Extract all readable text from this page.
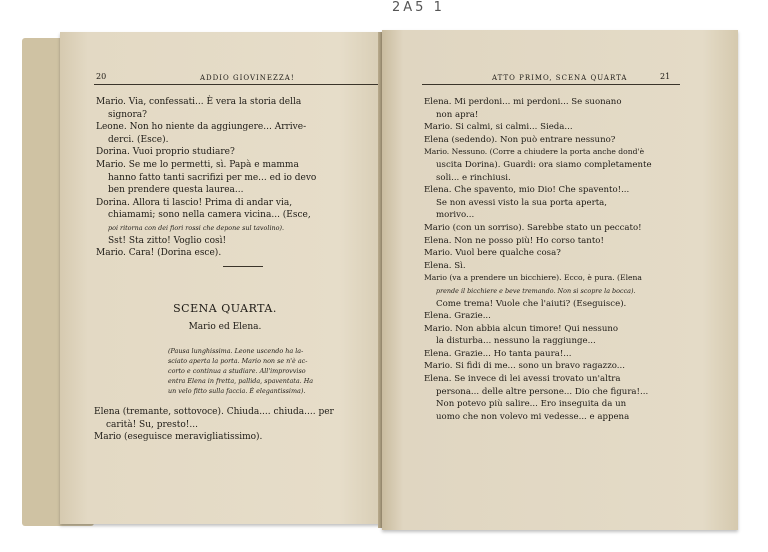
2A5 1
20	ADDIO GIOVINEZZA!
Mario. Via, confessati... È vera la storia della
signora?
Leone. Non ho niente da aggiungere... Arrive-
derci. (Esce).
Dorina. Vuoi proprio studiare?
Mario. Se me lo permetti, sì. Papà e mamma
hanno fatto tanti sacrifizi per me... ed io devo
ben prendere questa laurea...
Dorina. Allora ti lascio! Prima di andar via,
chiamami; sono nella camera vicina... (Esce,
poi ritorna con dei fiori rossi che depone sul tavolino).
Sst! Sta zitto! Voglio così!
Mario. Cara! (Dorina esce).
SCENA QUARTA.
Mario ed Elena.
(Pausa lunghissima. Leone uscendo ha la-
sciato aperta la porta. Mario non se n'è ac-
corto e continua a studiare. All'improvviso
entra Elena in fretta, pallida, spaventata. Ha
un velo fitto sulla faccia. È elegantissima).
Elena (tremante, sottovoce). Chiuda.... chiuda.... per
carità! Su, presto!...
Mario (eseguisce meravigliatissimo).
ATTO PRIMO, SCENA QUARTA	21
Elena. Mi perdoni... mi perdoni... Se suonano
non apra!
Mario. Si calmi, si calmi... Sieda...
Elena (sedendo). Non può entrare nessuno?
Mario. Nessuno. (Corre a chiudere la porta anche dond'è
uscita Dorina). Guardi: ora siamo completamente
soli... e rinchiusi.
Elena. Che spavento, mio Dio! Che spavento!...
Se non avessi visto la sua porta aperta,
morivo...
Mario (con un sorriso). Sarebbe stato un peccato!
Elena. Non ne posso più! Ho corso tanto!
Mario. Vuol bere qualche cosa?
Elena. Sì.
Mario (va a prendere un bicchiere). Ecco, è pura. (Elena
prende il bicchiere e beve tremando. Non si scopre la bocca).
Come trema! Vuole che l'aiuti? (Eseguisce).
Elena. Grazie...
Mario. Non abbia alcun timore! Qui nessuno
la disturba... nessuno la raggiunge...
Elena. Grazie... Ho tanta paura!...
Mario. Si fidi di me... sono un bravo ragazzo...
Elena. Se invece di lei avessi trovato un'altra
persona... delle altre persone... Dio che figura!...
Non potevo più salire... Ero inseguita da un
uomo che non volevo mi vedesse... e appena
